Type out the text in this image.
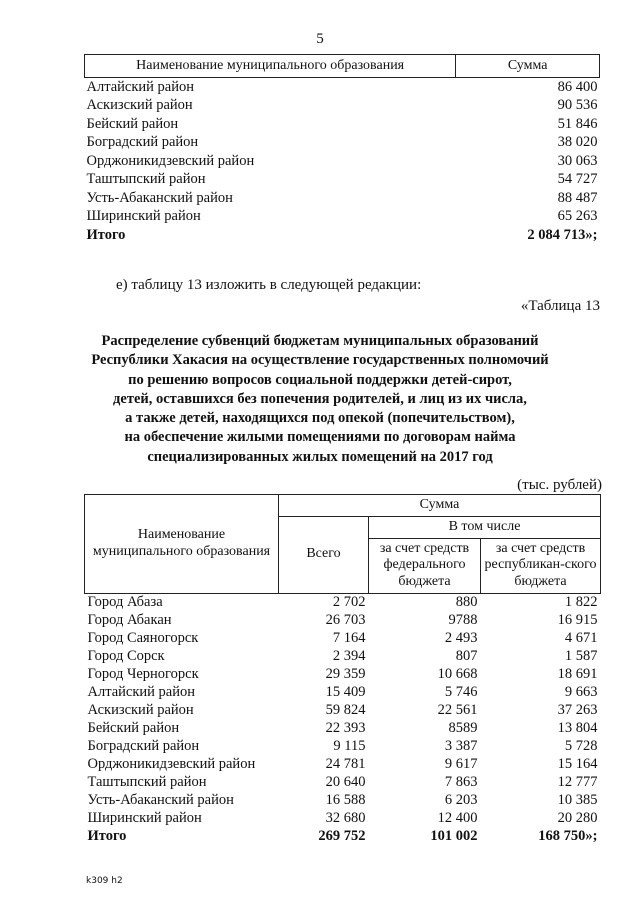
5
Наименование муниципального образования	Сумма
Алтайский район	86 400
Аскизский район	90 536
Бейский район	51 846
Боградский район	38 020
Орджоникидзевский район	30 063
Таштыпский район	54 727
Усть-Абаканский район	88 487
Ширинский район	65 263
Итого	2 084 713»;
е) таблицу 13 изложить в следующей редакции:
«Таблица 13
Распределение субвенций бюджетам муниципальных образований
Республики Хакасия на осуществление государственных полномочий
по решению вопросов социальной поддержки детей-сирот,
детей, оставшихся без попечения родителей, и лиц из их числа,
а также детей, находящихся под опекой (попечительством),
на обеспечение жилыми помещениями по договорам найма
специализированных жилых помещений на 2017 год
(тыс. рублей)
Наименование муниципального образования	Сумма		
	Всего	В том числе	
		за счет средств федерального бюджета	за счет средств республикан-ского бюджета
Город Абаза	2 702	880	1 822
Город Абакан	26 703	9788	16 915
Город Саяногорск	7 164	2 493	4 671
Город Сорск	2 394	807	1 587
Город Черногорск	29 359	10 668	18 691
Алтайский район	15 409	5 746	9 663
Аскизский район	59 824	22 561	37 263
Бейский район	22 393	8589	13 804
Боградский район	9 115	3 387	5 728
Орджоникидзевский район	24 781	9 617	15 164
Таштыпский район	20 640	7 863	12 777
Усть-Абаканский район	16 588	6 203	10 385
Ширинский район	32 680	12 400	20 280
Итого	269 752	101 002	168 750»;
k309 h2
